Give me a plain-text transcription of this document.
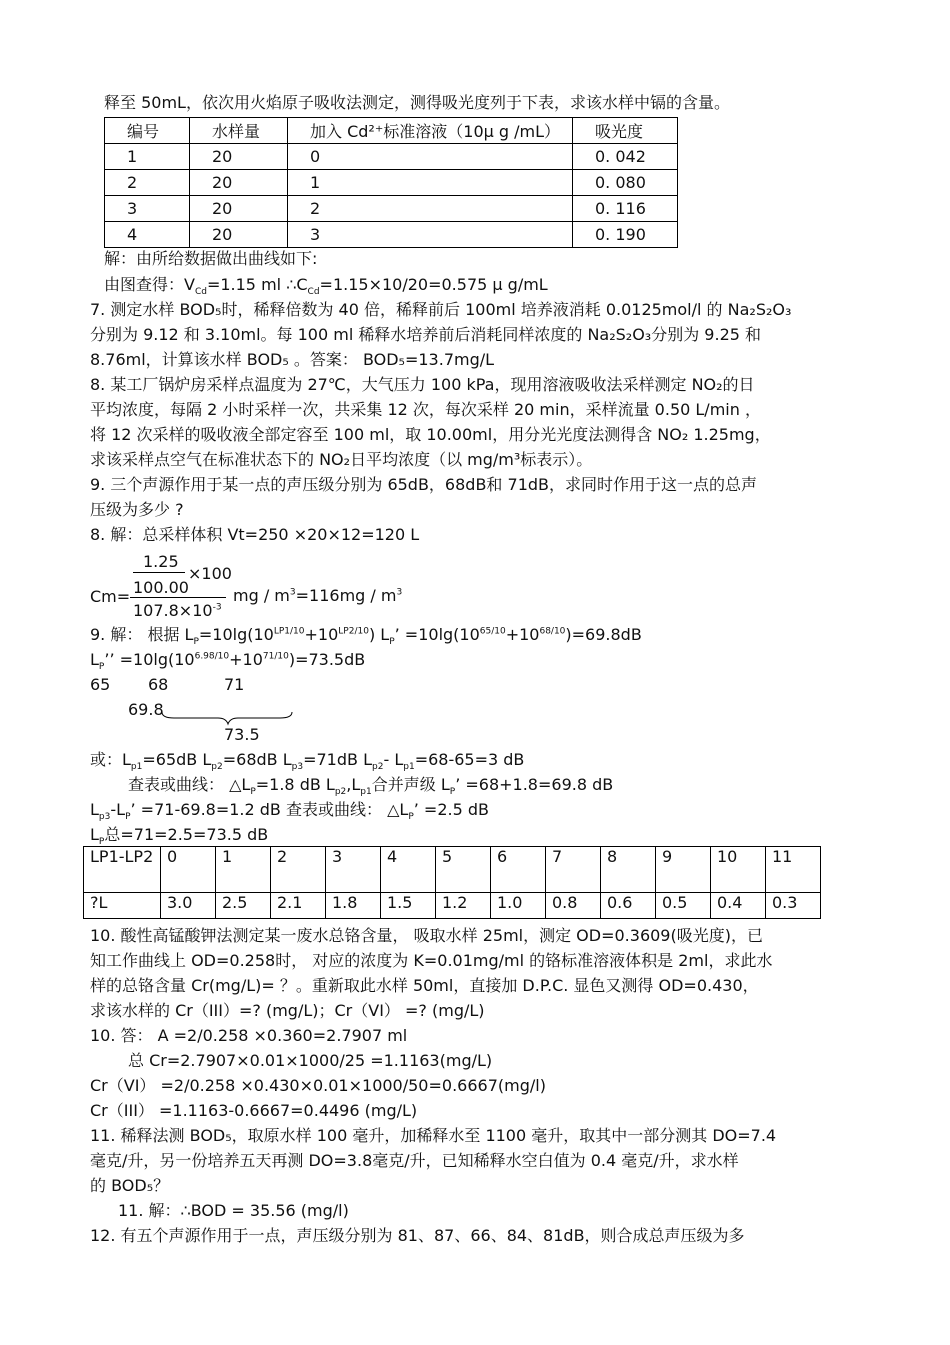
释至 50mL，依次用火焰原子吸收法测定，测得吸光度列于下表，求该水样中镉的含量。
编号	水样量	加入 Cd²⁺标准溶液（10μ g /mL）	吸光度
1	20	0	0. 042
2	20	1	0. 080
3	20	2	0. 116
4	20	3	0. 190
解：由所给数据做出曲线如下:
由图查得：$V_{Cd}=1.15$ ml $\therefore C_{Cd}=1.15\times 10/20=0.575$ μ g/mL
7. 测定水样 BOD₅时，稀释倍数为 40 倍，稀释前后 100ml 培养液消耗 0.0125mol/l 的 Na₂S₂O₃
分别为 9.12 和 3.10ml。每 100 ml 稀释水培养前后消耗同样浓度的 Na₂S₂O₃分别为 9.25 和
8.76ml，计算该水样 BOD₅ 。答案： BOD₅=13.7mg/L
8. 某工厂锅炉房采样点温度为 27℃，大气压力 100 kPa，现用溶液吸收法采样测定 NO₂的日
平均浓度，每隔 2 小时采样一次，共采集 12 次，每次采样 20 min，采样流量 0.50 L/min ，
将 12 次采样的吸收液全部定容至 100 ml，取 10.00ml，用分光光度法测得含 NO₂ 1.25mg，
求该采样点空气在标准状态下的 NO₂日平均浓度（以 mg/m³标表示）。
9. 三个声源作用于某一点的声压级分别为 65dB，68dB和 71dB，求同时作用于这一点的总声
压级为多少 ?
8. 解：总采样体积 Vt=250 ×20×12=120 L
1.25
×100
100.00
Cm=
$107.8\times 10^{-3}$
mg / $m^3=116mg / m^3$
9. 解： 根据 $L_P=10\lg(10^{LP1/10}+10^{LP2/10})$ $L_P$’ $=10\lg(10^{65/10}+10^{68/10})=69.8dB$
$L_P$’’ $=10\lg(10^{6.98/10}+10^{71/10})=73.5dB$
65 68	71
69.8
73.5
或：$L_{p1}=65dB$ $L_{p2}=68dB$ $L_{p3}=71dB$ $L_{p2}-$ $L_{p1}=68-65=3$ dB
查表或曲线： $\triangle L_P=1.8$ dB $L_{p2},L_{p1}$合并声级 $L_P$’ =68+1.8=69.8 dB
$L_{p3}-L_P$’ =71-69.8=1.2 dB 查表或曲线： $\triangle L_P$’ =2.5 dB
$L_P$总=71=2.5=73.5 dB
LP1-LP2	0	1	2	3	4	5	6	7	8	9	10	11
?L	3.0	2.5	2.1	1.8	1.5	1.2	1.0	0.8	0.6	0.5	0.4	0.3
10. 酸性高锰酸钾法测定某一废水总铬含量， 吸取水样 25ml，测定 OD=0.3609(吸光度)，已
知工作曲线上 OD=0.258时， 对应的浓度为 K=0.01mg/ml 的铬标准溶液体积是 2ml，求此水
样的总铬含量 Cr(mg/L)= ？。重新取此水样 50ml，直接加 D.P.C. 显色又测得 OD=0.430，
求该水样的 Cr（III）=? (mg/L)；Cr（VI） =? (mg/L)
10. 答： A =2/0.258 ×0.360=2.7907 ml
总 Cr=2.7907×0.01×1000/25 =1.1163(mg/L)
Cr（VI） =2/0.258 ×0.430×0.01×1000/50=0.6667(mg/l)
Cr（III） =1.1163-0.6667=0.4496 (mg/L)
11. 稀释法测 BOD₅，取原水样 100 毫升，加稀释水至 1100 毫升，取其中一部分测其 DO=7.4
毫克/升，另一份培养五天再测 DO=3.8毫克/升，已知稀释水空白值为 0.4 毫克/升，求水样
的 BOD₅？
11. 解：∴BOD = 35.56 (mg/l)
12. 有五个声源作用于一点，声压级分别为 81、87、66、84、81dB，则合成总声压级为多
